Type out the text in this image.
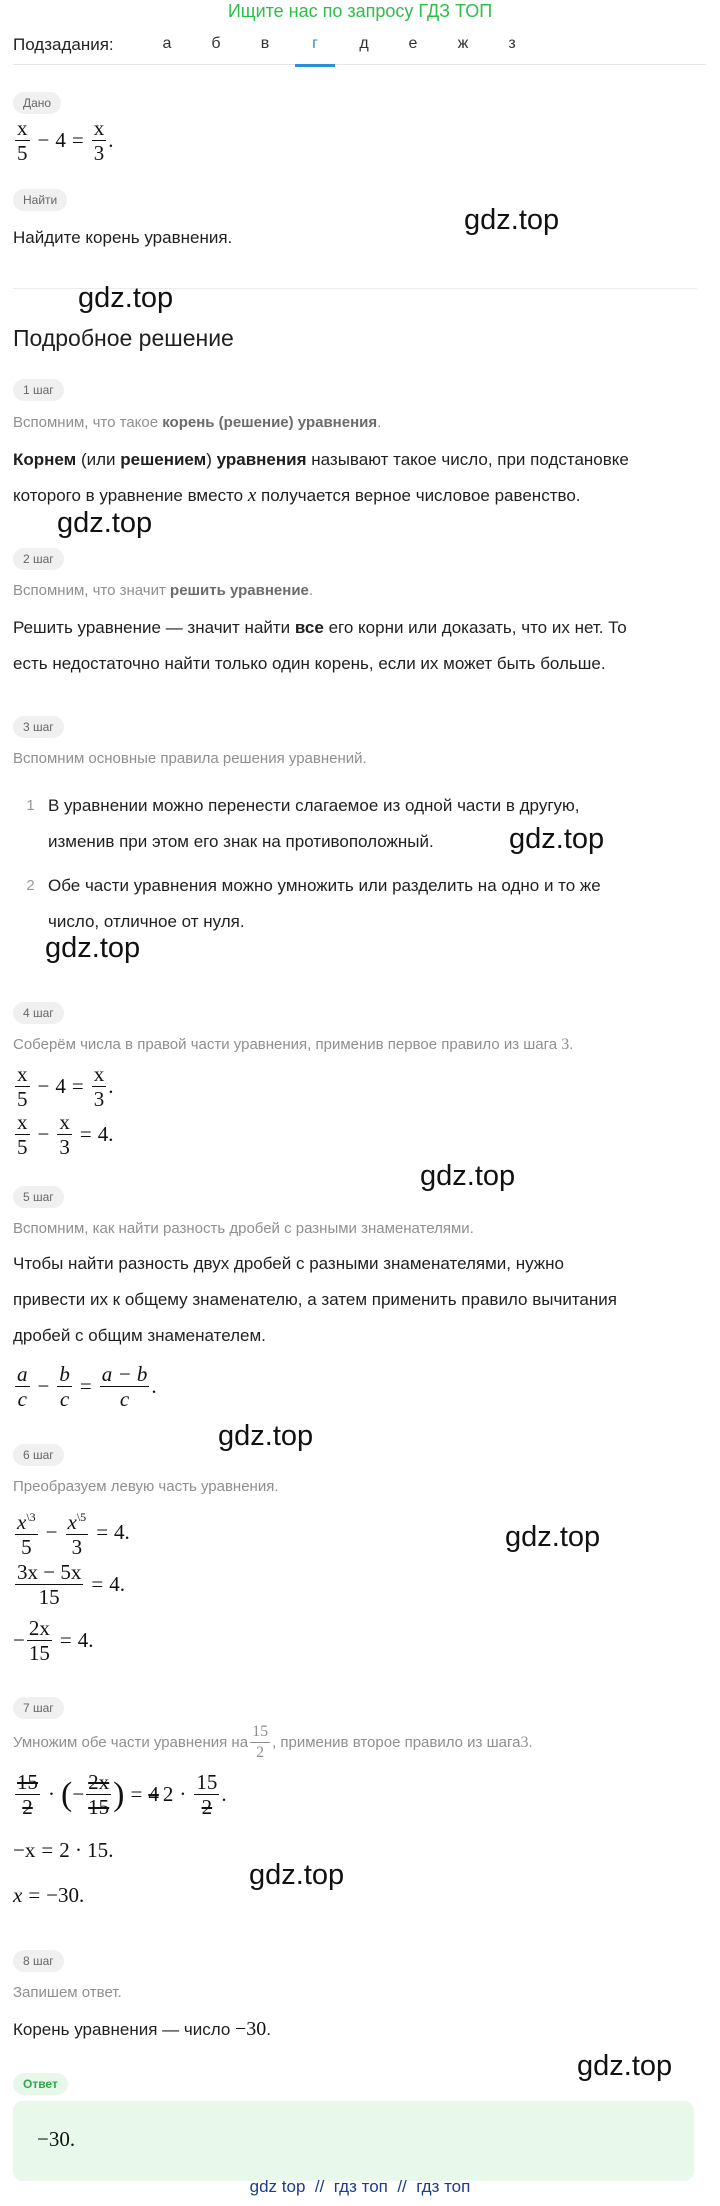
Ищите нас по запросу ГДЗ ТОП
Подзадания:	а	б	в	г	д	е	ж	з
Дано
$\frac{x}{5} - 4 = \frac{x}{3}$ .
Найти
Найдите корень уравнения.
gdz.top
gdz.top
gdz.top
gdz.top
gdz.top
gdz.top
gdz.top
gdz.top
gdz.top
gdz.top
Подробное решение
1 шаг
Вспомним, что такое корень (решение) уравнения.
Корнем (или решением) уравнения называют такое число, при подстановке
которого в уравнение вместо x получается верное числовое равенство.
2 шаг
Вспомним, что значит решить уравнение.
Решить уравнение — значит найти все его корни или доказать, что их нет. То
есть недостаточно найти только один корень, если их может быть больше.
3 шаг
Вспомним основные правила решения уравнений.
1 В уравнении можно перенести слагаемое из одной части в другую,
изменив при этом его знак на противоположный.
2 Обе части уравнения можно умножить или разделить на одно и то же
число, отличное от нуля.
4 шаг
Соберём числа в правой части уравнения, применив первое правило из шага 3.
$\frac{x}{5} - 4 = \frac{x}{3}$ .
$\frac{x}{5} - \frac{x}{3} = 4$ .
5 шаг
Вспомним, как найти разность дробей с разными знаменателями.
Чтобы найти разность двух дробей с разными знаменателями, нужно
привести их к общему знаменателю, а затем применить правило вычитания
дробей с общим знаменателем.
$\frac{a}{c} - \frac{b}{c} = \frac{a - b}{c}$ .
6 шаг
Преобразуем левую часть уравнения.
$\frac{x^{\backslash 3}}{5} - \frac{x^{\backslash 5}}{3} = 4$ .
$\frac{3x - 5x}{15} = 4$ .
− $\frac{2x}{15} = 4$ .
7 шаг
Умножим обе части уравнения на $\frac{15}{2}$ , применив второе правило из шага 3 .
$\frac{15}{2}$ · ( − $\frac{2x}{15}$ ) = 4 $2 \cdot \frac{15}{2}$ .
−x = 2 · 15 .
x = −30 .
8 шаг
Запишем ответ.
Корень уравнения — число −30.
Ответ
−30.
gdz top  //  гдз топ  //  гдз топ
